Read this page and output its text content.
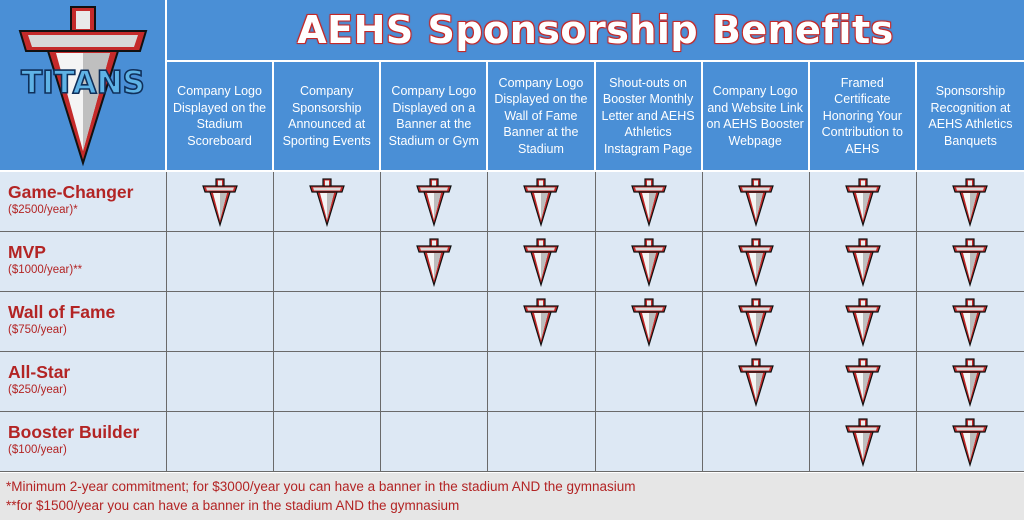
TITANS
AEHS Sponsorship Benefits
Company Logo Displayed on the Stadium Scoreboard
Company Sponsorship Announced at Sporting Events
Company Logo Displayed on a Banner at the Stadium or Gym
Company Logo Displayed on the Wall of Fame Banner at the Stadium
Shout-outs on Booster Monthly Letter and AEHS Athletics Instagram Page
Company Logo and Website Link on AEHS Booster Webpage
Framed Certificate Honoring Your Contribution to AEHS
Sponsorship Recognition at AEHS Athletics Banquets
Game-Changer
($2500/year)*
MVP
($1000/year)**
Wall of Fame
($750/year)
All-Star
($250/year)
Booster Builder
($100/year)
*Minimum 2-year commitment; for $3000/year you can have a banner in the stadium AND the gymnasium
**for $1500/year you can have a banner in the stadium AND the gymnasium
